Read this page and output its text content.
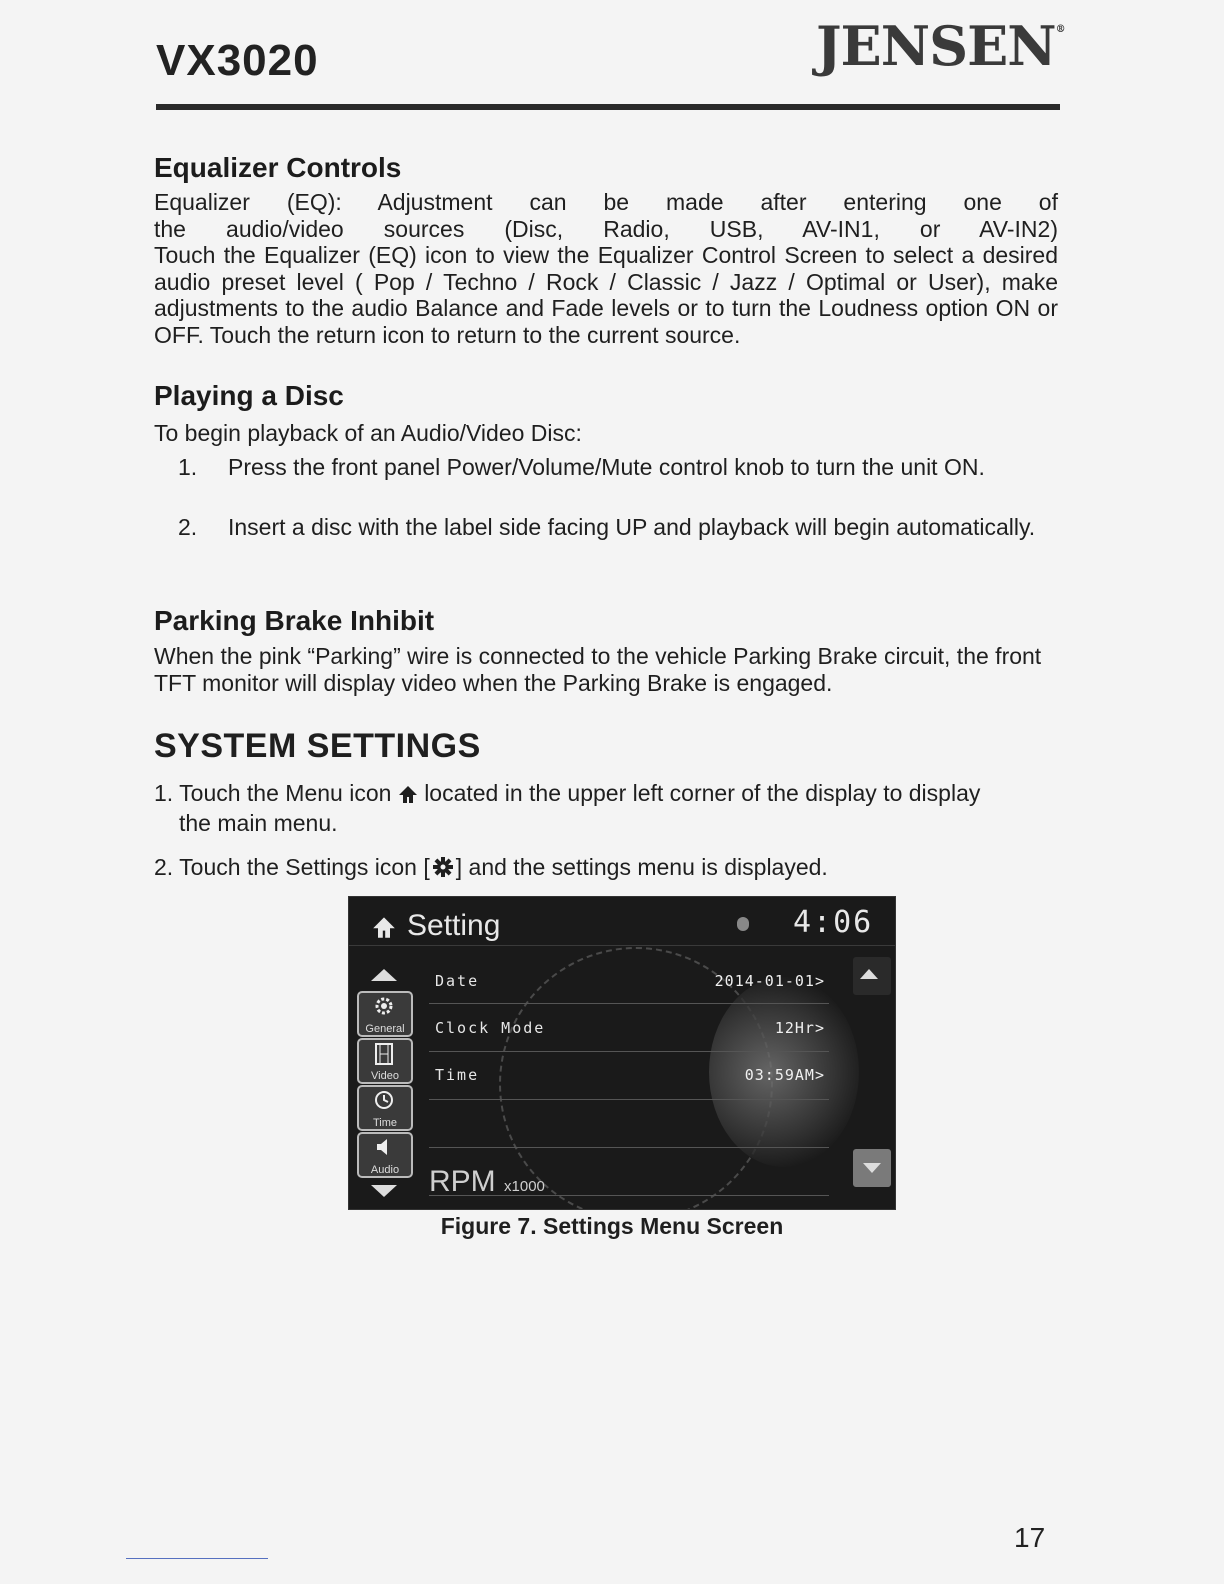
VX3020	JENSEN®
Equalizer Controls
Equalizer (EQ): Adjustment can be made after entering one of
the audio/video sources (Disc, Radio, USB, AV-IN1, or AV-IN2)
Touch the Equalizer (EQ) icon to view the Equalizer Control Screen to select a desired audio preset level ( Pop / Techno / Rock / Classic / Jazz / Optimal or User), make adjustments to the audio Balance and Fade levels or to turn the Loudness option ON or OFF. Touch the return icon to return to the current source.
Playing a Disc
To begin playback of an Audio/Video Disc:
1. Press the front panel Power/Volume/Mute control knob to turn the unit ON.
2. Insert a disc with the label side facing UP and playback will begin automatically.
Parking Brake Inhibit
When the pink “Parking” wire is connected to the vehicle Parking Brake circuit, the front TFT monitor will display video when the Parking Brake is engaged.
SYSTEM SETTINGS
1. Touch the Menu icon located in the upper left corner of the display to display
the main menu.
2. Touch the Settings icon [ ] and the settings menu is displayed.
Setting	4:06
General
Video
Time
Audio
Date	2014-01-01>
Clock Mode	12Hr>
Time	03:59AM>
RPM x1000
Figure 7. Settings Menu Screen
17
